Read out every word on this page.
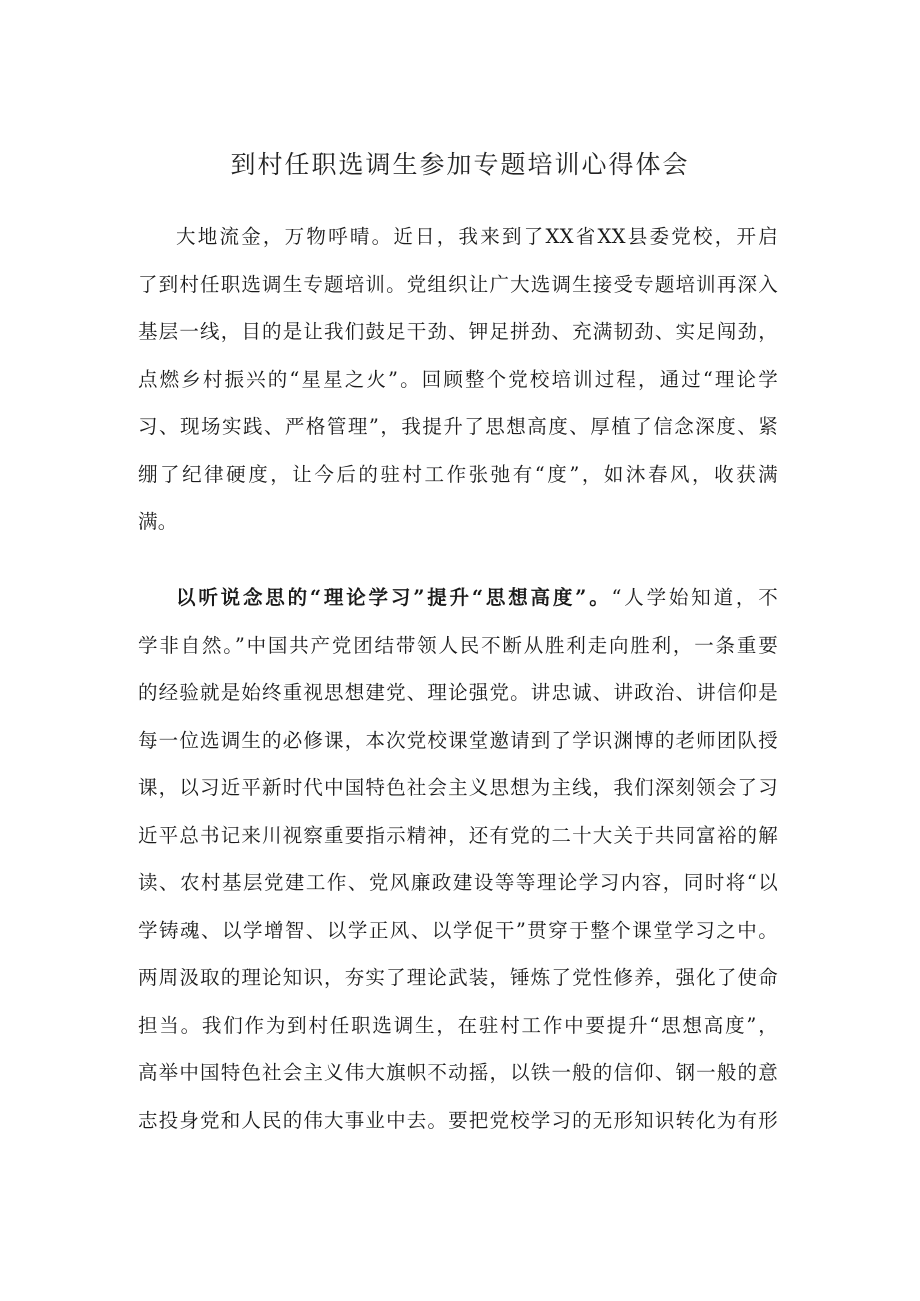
到村任职选调生参加专题培训心得体会
大地流金，万物呼晴。近日，我来到了XX省XX县委党校，开启
了到村任职选调生专题培训。党组织让广大选调生接受专题培训再深入
基层一线，目的是让我们鼓足干劲、钾足拼劲、充满韧劲、实足闯劲，
点燃乡村振兴的“星星之火”。回顾整个党校培训过程，通过“理论学
习、现场实践、严格管理”，我提升了思想高度、厚植了信念深度、紧
绷了纪律硬度，让今后的驻村工作张弛有“度”，如沐春风，收获满
满。
以听说念思的“理论学习”提升“思想高度”。“人学始知道，不
学非自然。”中国共产党团结带领人民不断从胜利走向胜利，一条重要
的经验就是始终重视思想建党、理论强党。讲忠诚、讲政治、讲信仰是
每一位选调生的必修课，本次党校课堂邀请到了学识渊博的老师团队授
课，以习近平新时代中国特色社会主义思想为主线，我们深刻领会了习
近平总书记来川视察重要指示精神，还有党的二十大关于共同富裕的解
读、农村基层党建工作、党风廉政建设等等理论学习内容，同时将“以
学铸魂、以学增智、以学正风、以学促干”贯穿于整个课堂学习之中。
两周汲取的理论知识，夯实了理论武装，锤炼了党性修养，强化了使命
担当。我们作为到村任职选调生，在驻村工作中要提升“思想高度”，
高举中国特色社会主义伟大旗帜不动摇，以铁一般的信仰、钢一般的意
志投身党和人民的伟大事业中去。要把党校学习的无形知识转化为有形
